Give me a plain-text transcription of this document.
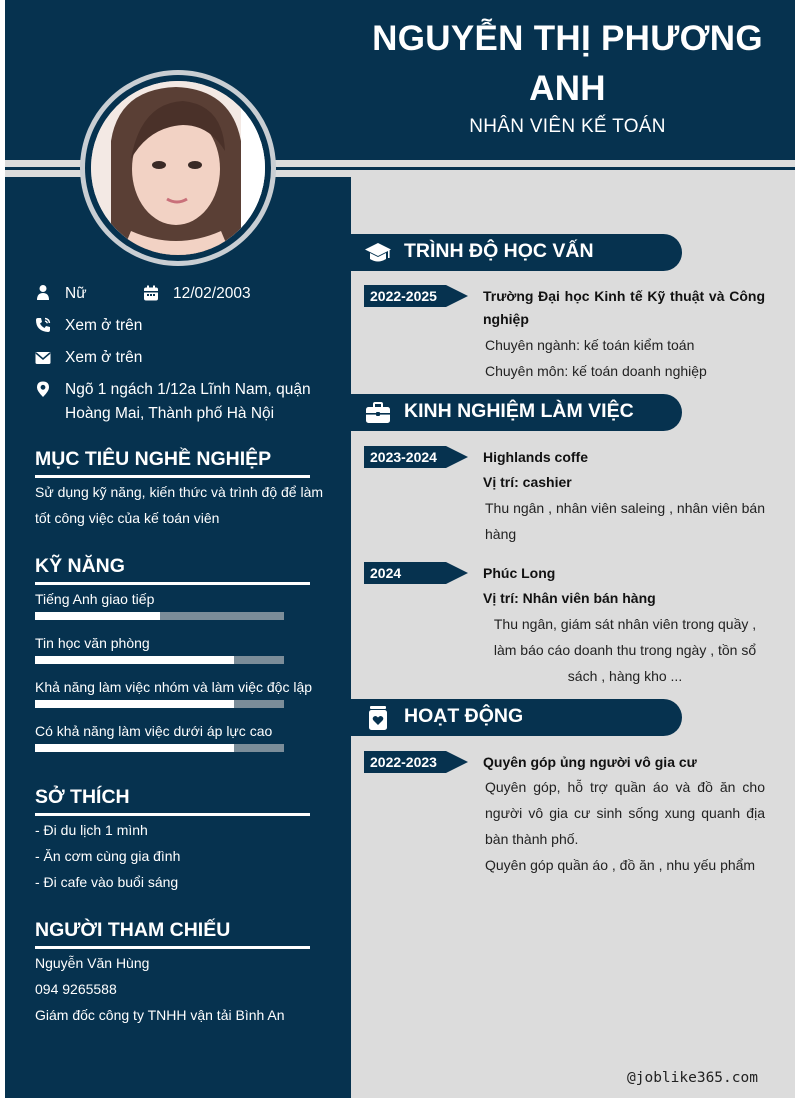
NGUYỄN THỊ PHƯƠNG ANH
NHÂN VIÊN KẾ TOÁN
Nữ	12/02/2003
Xem ở trên
Xem ở trên
Ngõ 1 ngách 1/12a Lĩnh Nam, quận Hoàng Mai, Thành phố Hà Nội
MỤC TIÊU NGHỀ NGHIỆP
Sử dụng kỹ năng, kiến thức và trình độ để làm tốt công việc của kế toán viên
KỸ NĂNG
Tiếng Anh giao tiếp
Tin học văn phòng
Khả năng làm việc nhóm và làm việc độc lập
Có khả năng làm việc dưới áp lực cao
SỞ THÍCH
- Đi du lịch 1 mình
- Ăn cơm cùng gia đình
- Đi cafe vào buổi sáng
NGƯỜI THAM CHIẾU
Nguyễn Văn Hùng
094 9265588
Giám đốc công ty TNHH vận tải Bình An
TRÌNH ĐỘ HỌC VẤN
2022-2025	Trường Đại học Kinh tế Kỹ thuật và Công nghiệp
Chuyên ngành: kế toán kiểm toán
Chuyên môn: kế toán doanh nghiệp
KINH NGHIỆM LÀM VIỆC
2023-2024	Highlands coffe
Vị trí: cashier
Thu ngân , nhân viên saleing , nhân viên bán hàng
2024	Phúc Long
Vị trí: Nhân viên bán hàng
Thu ngân, giám sát nhân viên trong quầy , làm báo cáo doanh thu trong ngày , tồn sổ sách , hàng kho ...
HOẠT ĐỘNG
2022-2023	Quyên góp ủng người vô gia cư
Quyên góp, hỗ trợ quần áo và đồ ăn cho người vô gia cư sinh sống xung quanh địa bàn thành phố.
Quyên góp quần áo , đồ ăn , nhu yếu phẩm
@joblike365.com
